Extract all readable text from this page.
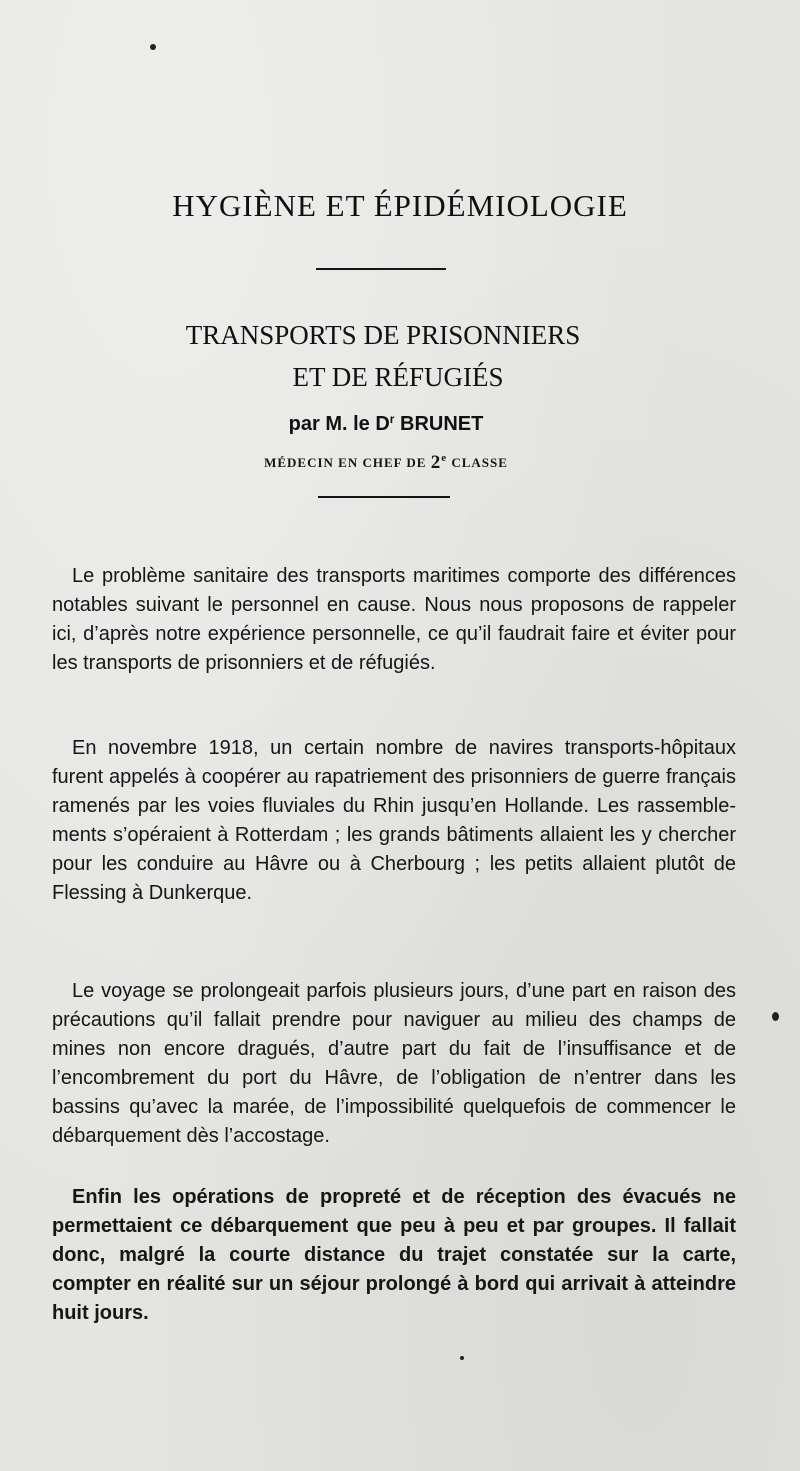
HYGIÈNE ET ÉPIDÉMIOLOGIE
TRANSPORTS DE PRISONNIERS
ET DE RÉFUGIÉS
par M. le $D^r$ BRUNET
MÉDECIN EN CHEF DE 2e CLASSE

Le problème sanitaire des transports maritimes comporte des différences notables suivant le personnel en cause. Nous nous proposons de rappeler ici, d’après notre expérience personnelle, ce qu’il faudrait faire et éviter pour les transports de prisonniers et de réfugiés.

En novembre 1918, un certain nombre de navires transports-hôpitaux furent appelés à coopérer au rapatriement des prisonniers de guerre français ramenés par les voies fluviales du Rhin jusqu’en Hollande. Les rassemblements s’opéraient à Rotterdam ; les grands bâtiments allaient les y chercher pour les conduire au Hâvre ou à Cherbourg ; les petits allaient plutôt de Flessing à Dunkerque.

Le voyage se prolongeait parfois plusieurs jours, d’une part en raison des précautions qu’il fallait prendre pour naviguer au milieu des champs de mines non encore dragués, d’autre part du fait de l’insuffisance et de l’encombrement du port du Hâvre, de l’obligation de n’entrer dans les bassins qu’avec la marée, de l’impossibilité quelquefois de commencer le débarquement dès l’accostage.

Enfin les opérations de propreté et de réception des évacués ne permettaient ce débarquement que peu à peu et par groupes. Il fallait donc, malgré la courte distance du trajet constatée sur la carte, compter en réalité sur un séjour prolongé à bord qui arrivait à atteindre huit jours.
